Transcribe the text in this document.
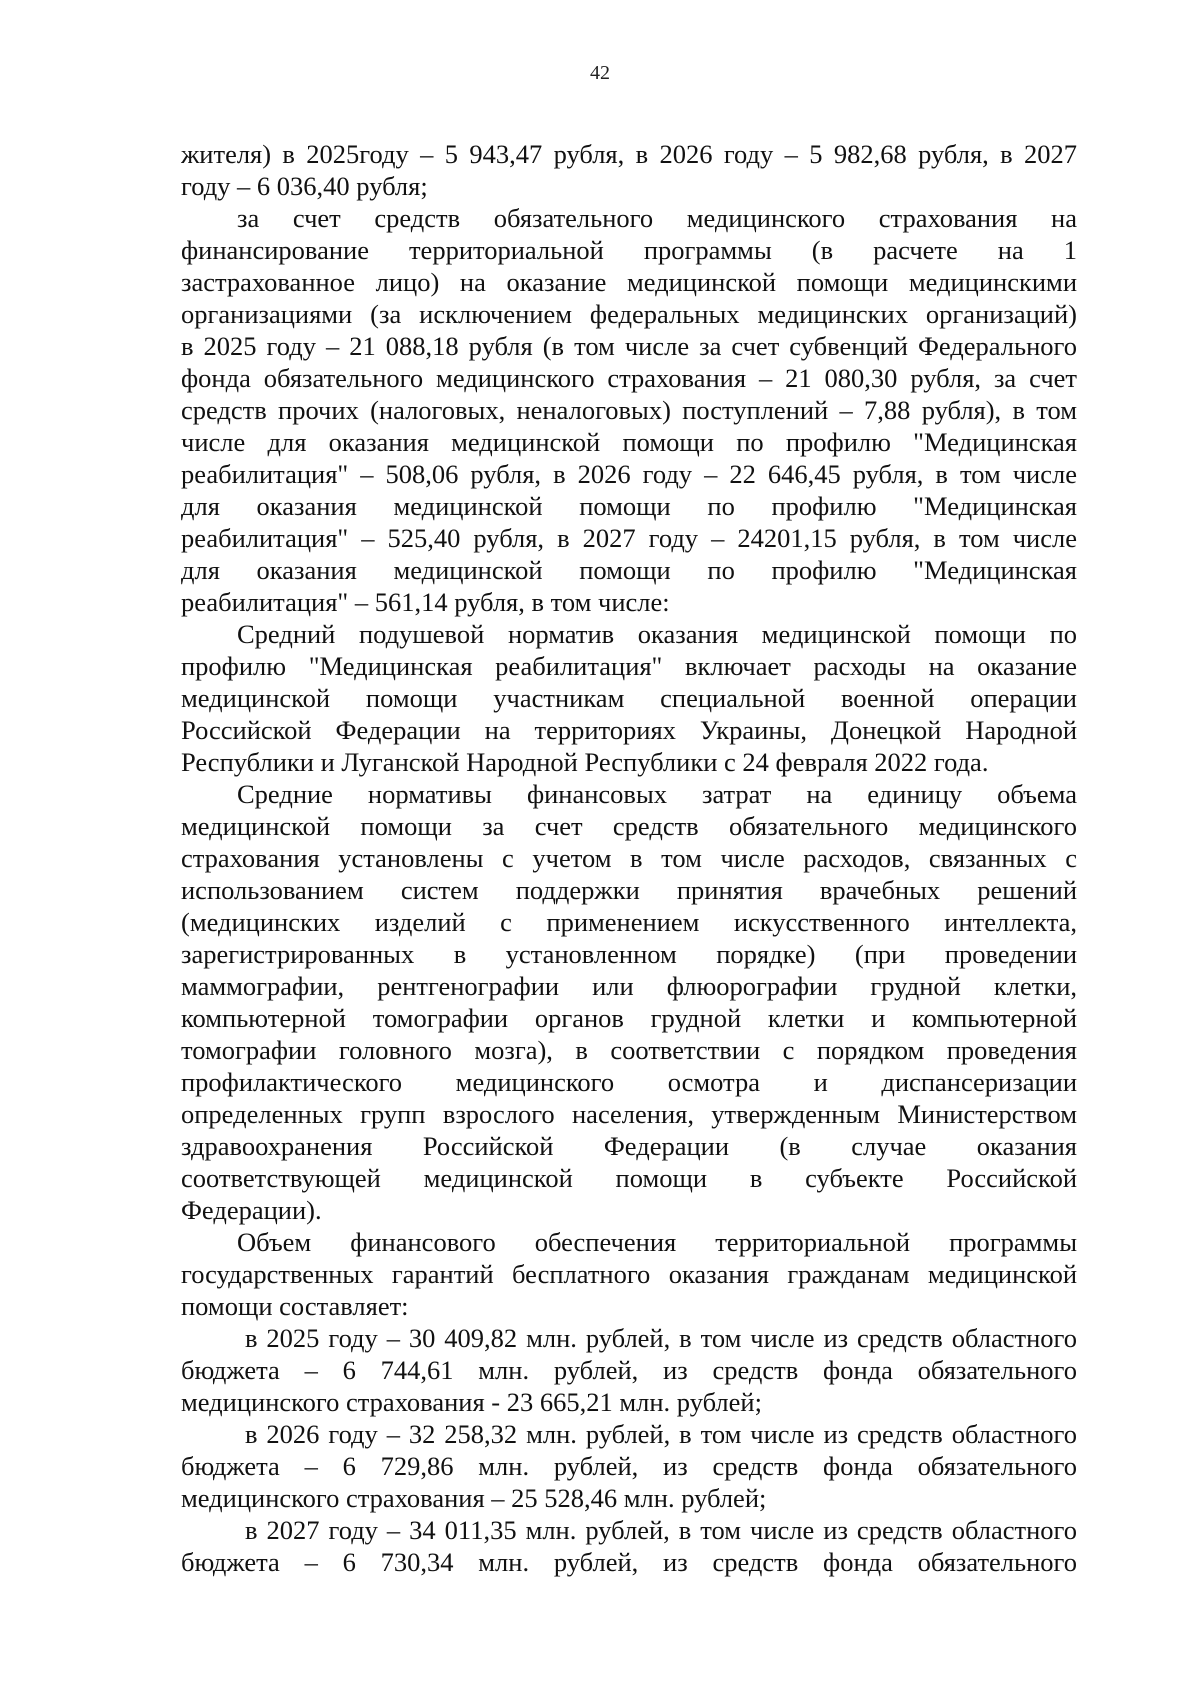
42
жителя) в 2025году – 5 943,47 рубля, в 2026 году – 5 982,68 рубля, в 2027
году – 6 036,40 рубля;
за счет средств обязательного медицинского страхования на
финансирование территориальной программы (в расчете на 1
застрахованное лицо) на оказание медицинской помощи медицинскими
организациями (за исключением федеральных медицинских организаций)
в 2025 году – 21 088,18 рубля (в том числе за счет субвенций Федерального
фонда обязательного медицинского страхования – 21 080,30 рубля, за счет
средств прочих (налоговых, неналоговых) поступлений – 7,88 рубля), в том
числе для оказания медицинской помощи по профилю "Медицинская
реабилитация" – 508,06 рубля, в 2026 году – 22 646,45 рубля, в том числе
для оказания медицинской помощи по профилю "Медицинская
реабилитация" – 525,40 рубля, в 2027 году – 24201,15 рубля, в том числе
для оказания медицинской помощи по профилю "Медицинская
реабилитация" – 561,14 рубля, в том числе:
Средний подушевой норматив оказания медицинской помощи по
профилю "Медицинская реабилитация" включает расходы на оказание
медицинской помощи участникам специальной военной операции
Российской Федерации на территориях Украины, Донецкой Народной
Республики и Луганской Народной Республики с 24 февраля 2022 года.
Средние нормативы финансовых затрат на единицу объема
медицинской помощи за счет средств обязательного медицинского
страхования установлены с учетом в том числе расходов, связанных с
использованием систем поддержки принятия врачебных решений
(медицинских изделий с применением искусственного интеллекта,
зарегистрированных в установленном порядке) (при проведении
маммографии, рентгенографии или флюорографии грудной клетки,
компьютерной томографии органов грудной клетки и компьютерной
томографии головного мозга), в соответствии с порядком проведения
профилактического медицинского осмотра и диспансеризации
определенных групп взрослого населения, утвержденным Министерством
здравоохранения Российской Федерации (в случае оказания
соответствующей медицинской помощи в субъекте Российской
Федерации).
Объем финансового обеспечения территориальной программы
государственных гарантий бесплатного оказания гражданам медицинской
помощи составляет:
в 2025 году – 30 409,82 млн. рублей, в том числе из средств областного
бюджета – 6 744,61 млн. рублей, из средств фонда обязательного
медицинского страхования - 23 665,21 млн. рублей;
в 2026 году – 32 258,32 млн. рублей, в том числе из средств областного
бюджета – 6 729,86 млн. рублей, из средств фонда обязательного
медицинского страхования – 25 528,46 млн. рублей;
в 2027 году – 34 011,35 млн. рублей, в том числе из средств областного
бюджета – 6 730,34 млн. рублей, из средств фонда обязательного
